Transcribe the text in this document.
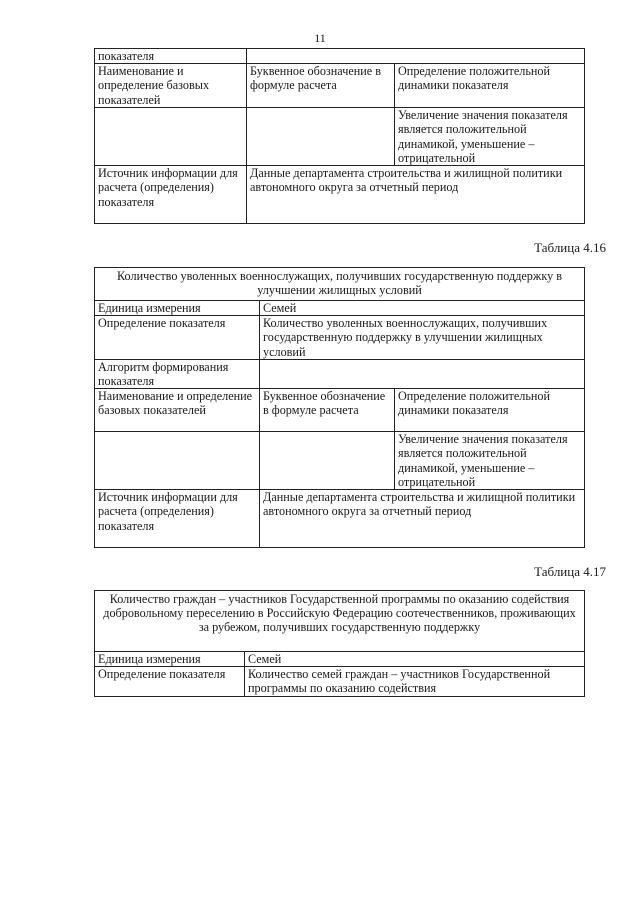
11
показателя		
Наименование и определение базовых показателей	Буквенное обозначение в формуле расчета	Определение положительной динамики показателя
		Увеличение значения показателя является положительной динамикой, уменьшение – отрицательной
Источник информации для расчета (определения) показателя	Данные департамента строительства и жилищной политики автономного округа за отчетный период	
Таблица 4.16
Количество уволенных военнослужащих, получивших государственную поддержку в улучшении жилищных условий		
Единица измерения	Семей	
Определение показателя	Количество уволенных военнослужащих, получивших государственную поддержку в улучшении жилищных условий	
Алгоритм формирования показателя		
Наименование и определение базовых показателей	Буквенное обозначение в формуле расчета	Определение положительной динамики показателя
		Увеличение значения показателя является положительной динамикой, уменьшение – отрицательной
Источник информации для расчета (определения) показателя	Данные департамента строительства и жилищной политики автономного округа за отчетный период	
Таблица 4.17
Количество граждан – участников Государственной программы по оказанию содействия добровольному переселению в Российскую Федерацию соотечественников, проживающих за рубежом, получивших государственную поддержку	
Единица измерения	Семей
Определение показателя	Количество семей граждан – участников Государственной программы по оказанию содействия
